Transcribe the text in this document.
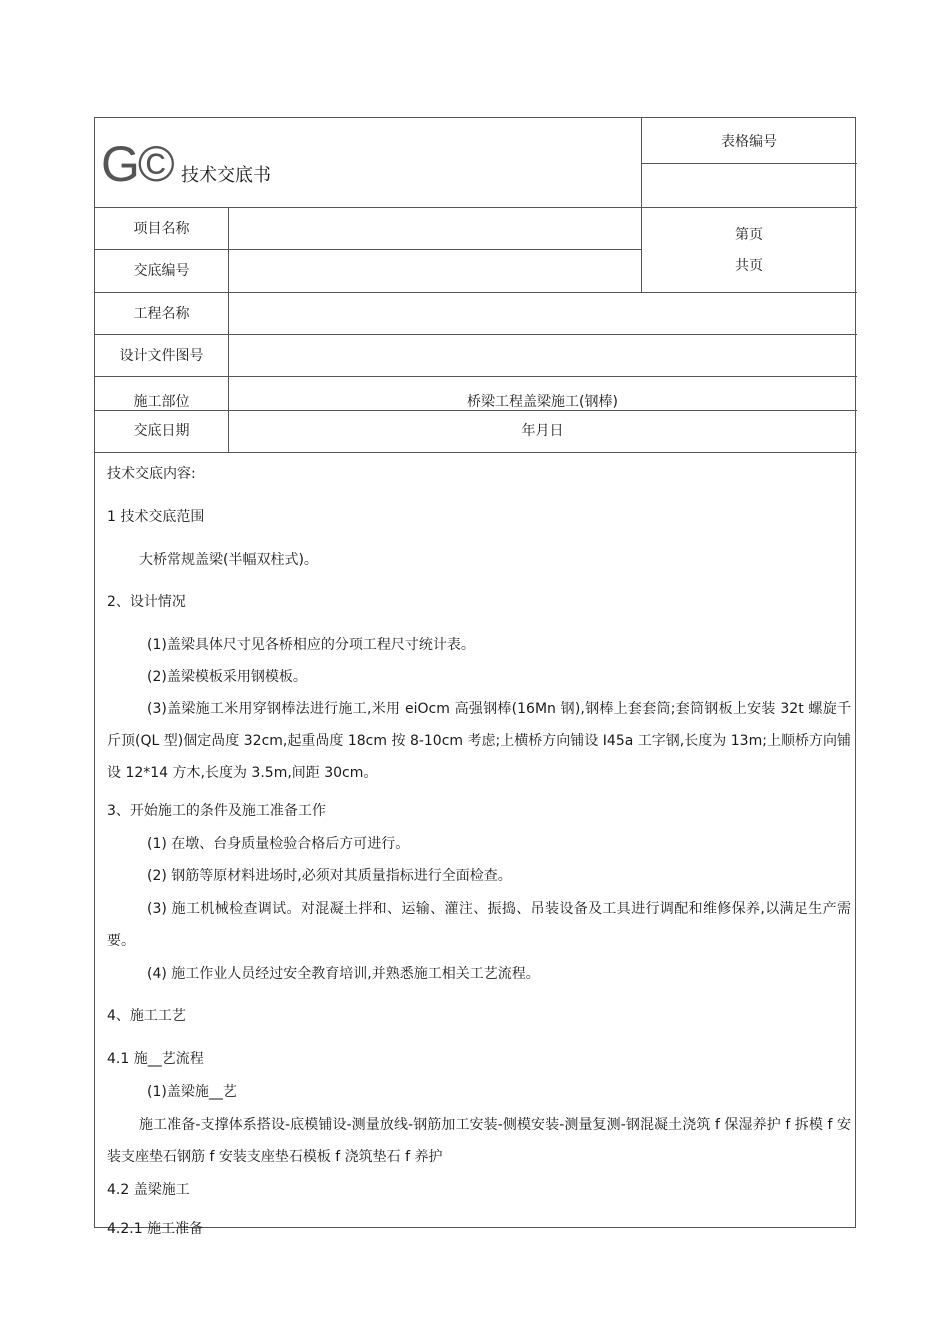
G© 技术交底书
表格编号
项目名称
交底编号
第页
共页
工程名称
设计文件图号
施工部位	桥梁工程盖梁施工(钢棒)
交底日期	年月日
技术交底内容:
1 技术交底范围
大桥常规盖梁(半幅双柱式)。
2、设计情况
(1)盖梁具体尺寸见各桥相应的分项工程尺寸统计表。
(2)盖梁模板采用钢模板。
(3)盖梁施工米用穿钢棒法进行施工,米用 eiOcm 高强钢棒(16Mn 钢),钢棒上套套筒;套筒钢板上安装 32t 螺旋千斤顶(QL 型)個定咼度 32cm,起重咼度 18cm 按 8-10cm 考虑;上横桥方向铺设 I45a 工字钢,长度为 13m;上顺桥方向铺设 12*14 方木,长度为 3.5m,间距 30cm。
3、开始施工的条件及施工准备工作
(1) 在墩、台身质量检验合格后方可进行。
(2) 钢筋等原材料进场时,必须对其质量指标进行全面检查。
(3) 施工机械检查调试。对混凝土拌和、运输、灌注、振捣、吊装设备及工具进行调配和维修保养,以满足生产需要。
(4) 施工作业人员经过安全教育培训,并熟悉施工相关工艺流程。
4、施工工艺
4.1 施__艺流程
(1)盖梁施__艺
施工准备-支撑体系搭设-底模铺设-测量放线-钢筋加工安装-侧模安装-测量复测-钢混凝土浇筑 f 保湿养护 f 拆模 f 安装支座垫石钢筋 f 安装支座垫石模板 f 浇筑垫石 f 养护
4.2 盖梁施工
4.2.1 施工准备
